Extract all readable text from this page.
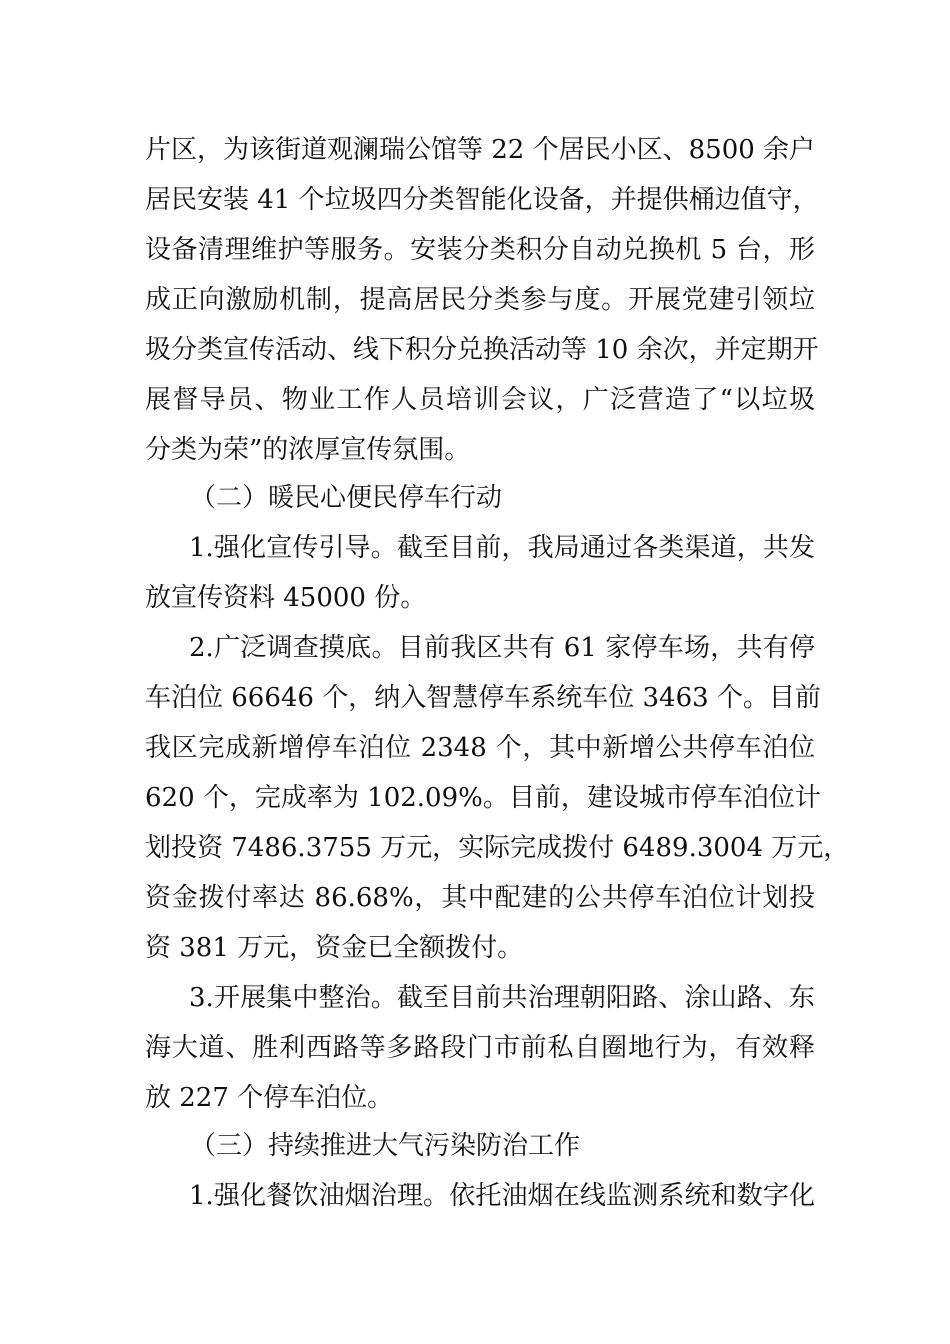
片区，为该街道观澜瑞公馆等 22 个居民小区、8500 余户
居民安装 41 个垃圾四分类智能化设备，并提供桶边值守，
设备清理维护等服务。安装分类积分自动兑换机 5 台，形
成正向激励机制，提高居民分类参与度。开展党建引领垃
圾分类宣传活动、线下积分兑换活动等 10 余次，并定期开
展督导员、物业工作人员培训会议，广泛营造了“以垃圾
分类为荣”的浓厚宣传氛围。
（二）暖民心便民停车行动
1.强化宣传引导。截至目前，我局通过各类渠道，共发
放宣传资料 45000 份。
2.广泛调查摸底。目前我区共有 61 家停车场，共有停
车泊位 66646 个，纳入智慧停车系统车位 3463 个。目前
我区完成新增停车泊位 2348 个，其中新增公共停车泊位
620 个，完成率为 102.09%。目前，建设城市停车泊位计
划投资 7486.3755 万元，实际完成拨付 6489.3004 万元，
资金拨付率达 86.68%，其中配建的公共停车泊位计划投
资 381 万元，资金已全额拨付。
3.开展集中整治。截至目前共治理朝阳路、涂山路、东
海大道、胜利西路等多路段门市前私自圈地行为，有效释
放 227 个停车泊位。
（三）持续推进大气污染防治工作
1.强化餐饮油烟治理。依托油烟在线监测系统和数字化
